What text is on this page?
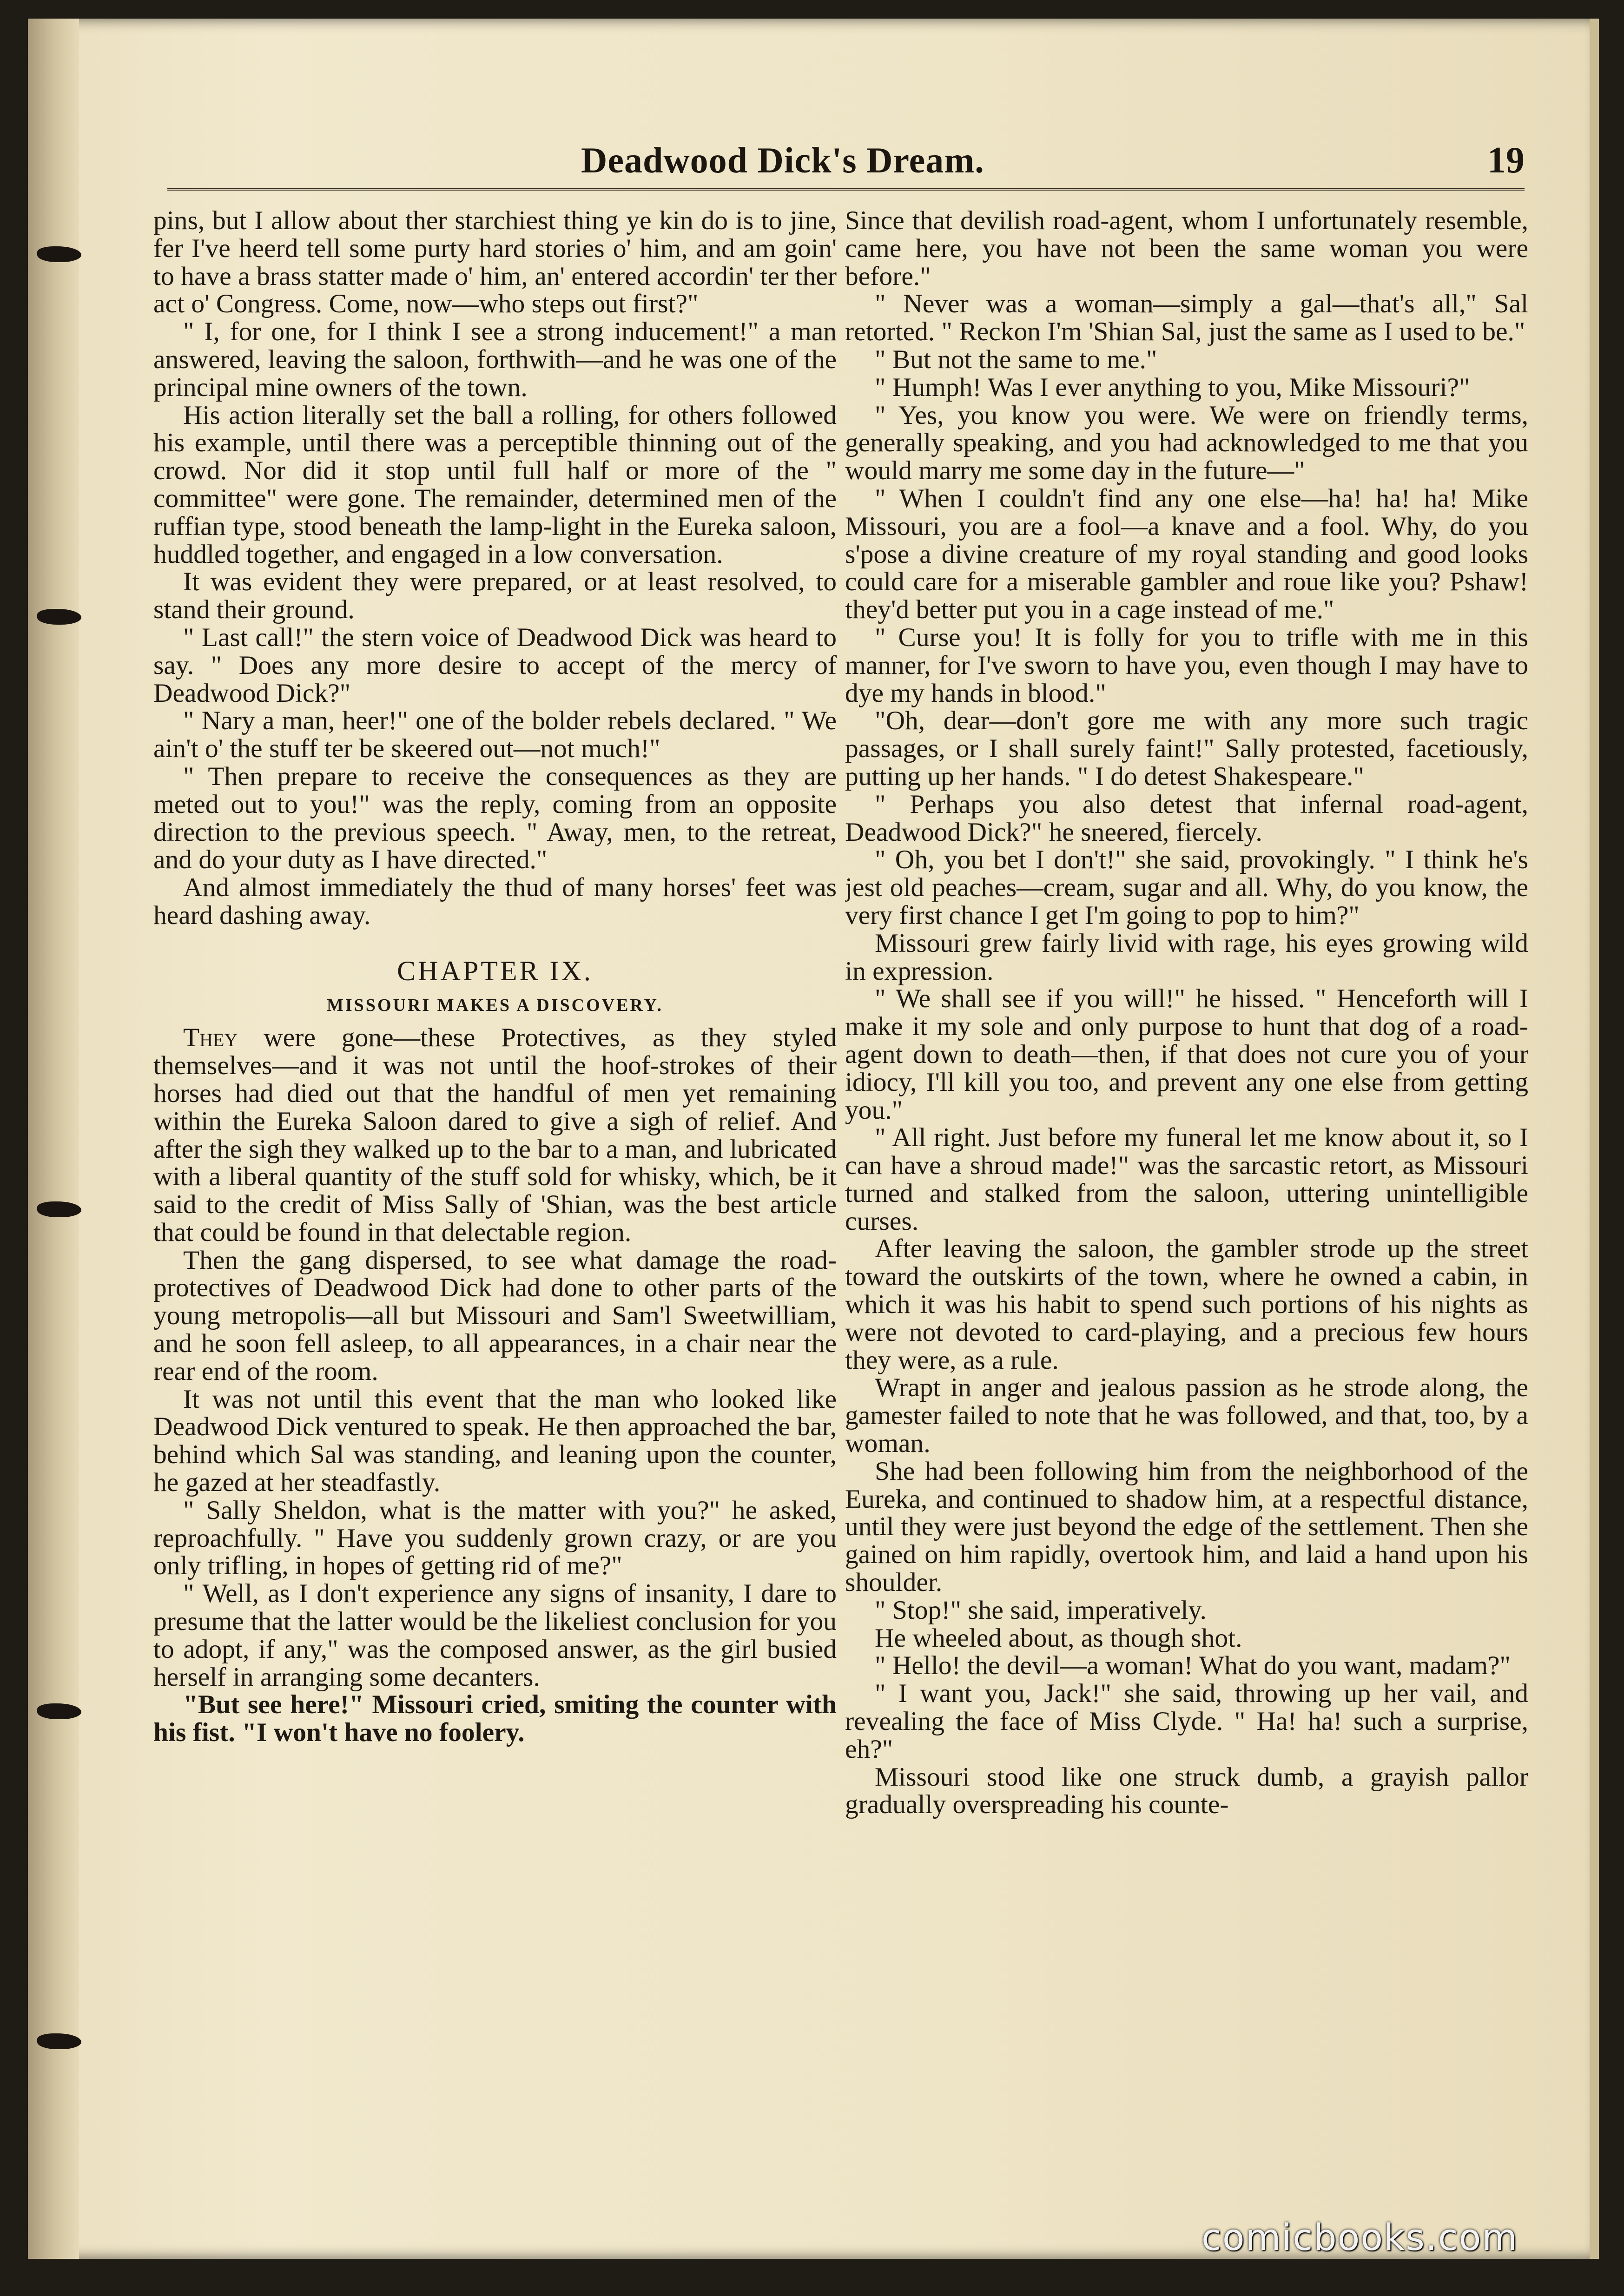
Deadwood Dick's Dream.	19

pins, but I allow about ther starchiest thing ye kin do is to jine, fer I've heerd tell some purty hard stories o' him, and am goin' to have a brass statter made o' him, an' entered accordin' ter ther act o' Congress. Come, now—who steps out first?"

" I, for one, for I think I see a strong inducement!" a man answered, leaving the saloon, forthwith—and he was one of the principal mine owners of the town.

His action literally set the ball a rolling, for others followed his example, until there was a perceptible thinning out of the crowd. Nor did it stop until full half or more of the " committee" were gone. The remainder, determined men of the ruffian type, stood beneath the lamp-light in the Eureka saloon, huddled together, and engaged in a low conversation.

It was evident they were prepared, or at least resolved, to stand their ground.

" Last call!" the stern voice of Deadwood Dick was heard to say. " Does any more desire to accept of the mercy of Deadwood Dick?"

" Nary a man, heer!" one of the bolder rebels declared. " We ain't o' the stuff ter be skeered out—not much!"

" Then prepare to receive the consequences as they are meted out to you!" was the reply, coming from an opposite direction to the previous speech. " Away, men, to the retreat, and do your duty as I have directed."

And almost immediately the thud of many horses' feet was heard dashing away.

CHAPTER IX.
MISSOURI MAKES A DISCOVERY.

They were gone—these Protectives, as they styled themselves—and it was not until the hoof-strokes of their horses had died out that the handful of men yet remaining within the Eureka Saloon dared to give a sigh of relief. And after the sigh they walked up to the bar to a man, and lubricated with a liberal quantity of the stuff sold for whisky, which, be it said to the credit of Miss Sally of 'Shian, was the best article that could be found in that delectable region.

Then the gang dispersed, to see what damage the road-protectives of Deadwood Dick had done to other parts of the young metropolis—all but Missouri and Sam'l Sweetwilliam, and he soon fell asleep, to all appearances, in a chair near the rear end of the room.

It was not until this event that the man who looked like Deadwood Dick ventured to speak. He then approached the bar, behind which Sal was standing, and leaning upon the counter, he gazed at her steadfastly.

" Sally Sheldon, what is the matter with you?" he asked, reproachfully. " Have you suddenly grown crazy, or are you only trifling, in hopes of getting rid of me?"

" Well, as I don't experience any signs of insanity, I dare to presume that the latter would be the likeliest conclusion for you to adopt, if any," was the composed answer, as the girl busied herself in arranging some decanters.

"But see here!" Missouri cried, smiting the counter with his fist. "I won't have no foolery.

Since that devilish road-agent, whom I unfortunately resemble, came here, you have not been the same woman you were before."

" Never was a woman—simply a gal—that's all," Sal retorted. " Reckon I'm 'Shian Sal, just the same as I used to be."

" But not the same to me."

" Humph! Was I ever anything to you, Mike Missouri?"

" Yes, you know you were. We were on friendly terms, generally speaking, and you had acknowledged to me that you would marry me some day in the future—"

" When I couldn't find any one else—ha! ha! ha! Mike Missouri, you are a fool—a knave and a fool. Why, do you s'pose a divine creature of my royal standing and good looks could care for a miserable gambler and roue like you? Pshaw! they'd better put you in a cage instead of me."

" Curse you! It is folly for you to trifle with me in this manner, for I've sworn to have you, even though I may have to dye my hands in blood."

"Oh, dear—don't gore me with any more such tragic passages, or I shall surely faint!" Sally protested, facetiously, putting up her hands. " I do detest Shakespeare."

" Perhaps you also detest that infernal road-agent, Deadwood Dick?" he sneered, fiercely.

" Oh, you bet I don't!" she said, provokingly. " I think he's jest old peaches—cream, sugar and all. Why, do you know, the very first chance I get I'm going to pop to him?"

Missouri grew fairly livid with rage, his eyes growing wild in expression.

" We shall see if you will!" he hissed. " Henceforth will I make it my sole and only purpose to hunt that dog of a road-agent down to death—then, if that does not cure you of your idiocy, I'll kill you too, and prevent any one else from getting you."

" All right. Just before my funeral let me know about it, so I can have a shroud made!" was the sarcastic retort, as Missouri turned and stalked from the saloon, uttering unintelligible curses.

After leaving the saloon, the gambler strode up the street toward the outskirts of the town, where he owned a cabin, in which it was his habit to spend such portions of his nights as were not devoted to card-playing, and a precious few hours they were, as a rule.

Wrapt in anger and jealous passion as he strode along, the gamester failed to note that he was followed, and that, too, by a woman.

She had been following him from the neighborhood of the Eureka, and continued to shadow him, at a respectful distance, until they were just beyond the edge of the settlement. Then she gained on him rapidly, overtook him, and laid a hand upon his shoulder.

" Stop!" she said, imperatively.

He wheeled about, as though shot.

" Hello! the devil—a woman! What do you want, madam?"

" I want you, Jack!" she said, throwing up her vail, and revealing the face of Miss Clyde. " Ha! ha! such a surprise, eh?"

Missouri stood like one struck dumb, a grayish pallor gradually overspreading his counte-

comicbooks.com
